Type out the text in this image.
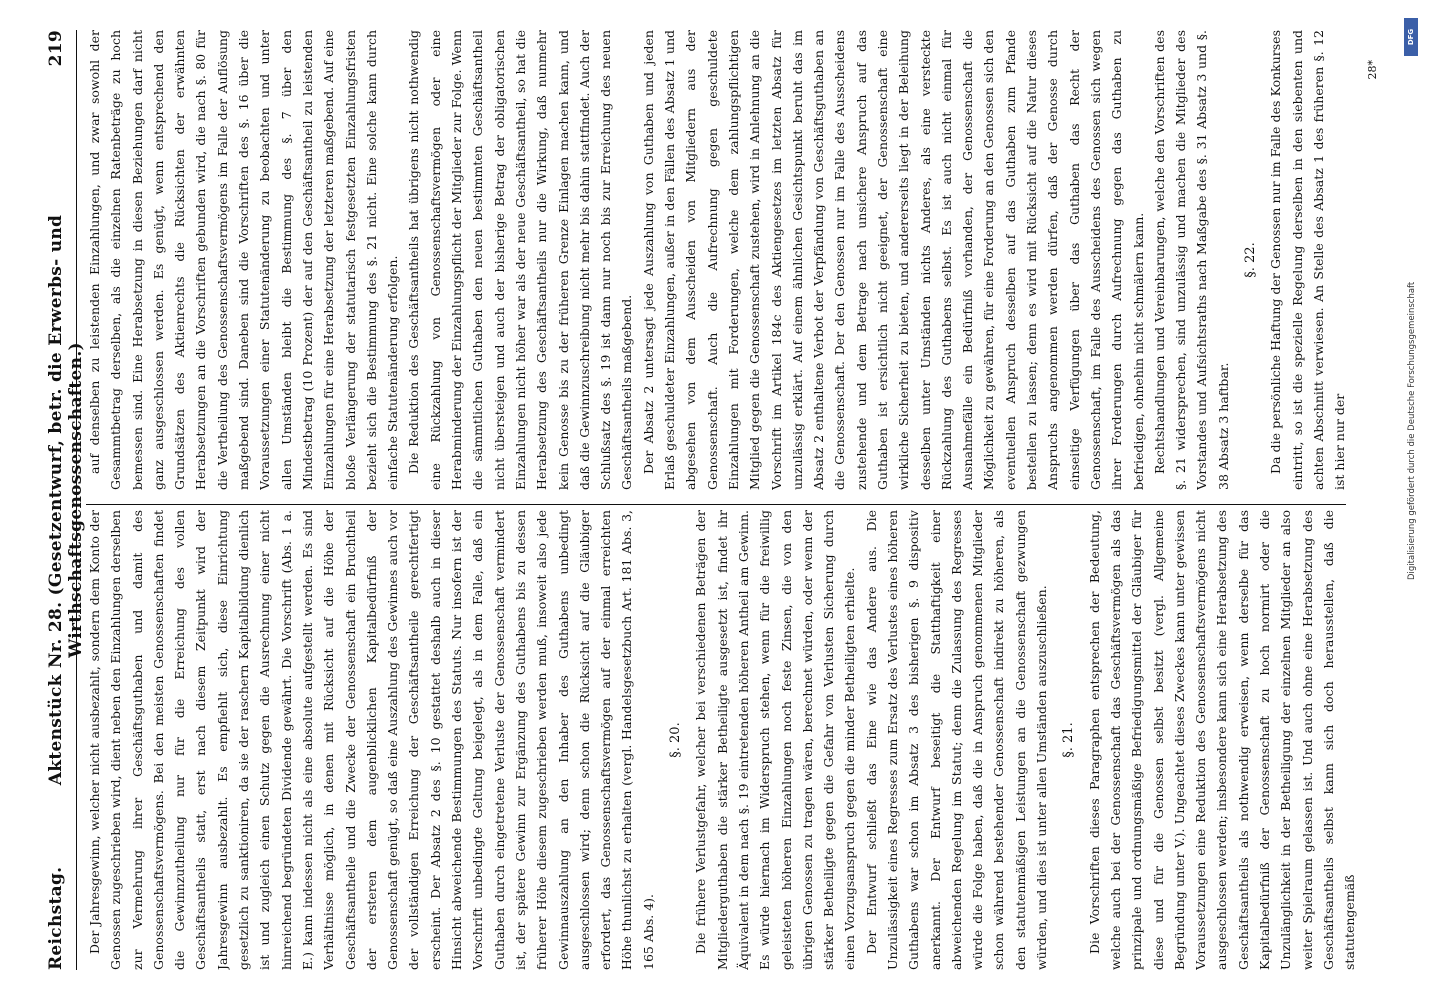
Reichstag.
Aktenstück Nr. 28. (Gesetzentwurf, betr. die Erwerbs- und Wirthschaftsgenossenschaften.)
219

Der Jahresgewinn, welcher nicht ausbezahlt, sondern dem Konto der Genossen zugeschrieben wird, dient neben den Einzahlungen derselben zur Vermehrung ihrer Geschäftsguthaben und damit des Genossenschaftsvermögens. Bei den meisten Genossenschaften findet die Gewinnzutheilung nur für die Erreichung des vollen Geschäftsantheils statt, erst nach diesem Zeitpunkt wird der Jahresgewinn ausbezahlt. Es empfiehlt sich, diese Einrichtung gesetzlich zu sanktioniren, da sie der raschern Kapitalbildung dienlich ist und zugleich einen Schutz gegen die Ausrechnung einer nicht hinreichend begründeten Dividende gewährt. Die Vorschrift (Abs. 1 a. E.) kann indessen nicht als eine absolute aufgestellt werden. Es sind Verhältnisse möglich, in denen mit Rücksicht auf die Höhe der Geschäftsantheile und die Zwecke der Genossenschaft ein Bruchtheil der ersteren dem augenblicklichen Kapitalbedürfniß der Genossenschaft genügt, so daß eine Auszahlung des Gewinnes auch vor der vollständigen Erreichung der Geschäftsantheile gerechtfertigt erscheint. Der Absatz 2 des §. 10 gestattet deshalb auch in dieser Hinsicht abweichende Bestimmungen des Statuts. Nur insofern ist der Vorschrift unbedingte Geltung beigelegt, als in dem Falle, daß ein Guthaben durch eingetretene Verluste der Genossenschaft vermindert ist, der spätere Gewinn zur Ergänzung des Guthabens bis zu dessen früherer Höhe diesem zugeschrieben werden muß, insoweit also jede Gewinnauszahlung an den Inhaber des Guthabens unbedingt ausgeschlossen wird; denn schon die Rücksicht auf die Gläubiger erfordert, das Genossenschaftsvermögen auf der einmal erreichten Höhe thunlichst zu erhalten (vergl. Handelsgesetzbuch Art. 181 Abs. 3, 165 Abs. 4).

§. 20. Die frühere Verlustgefahr, welcher bei verschiedenen Beträgen der Mitgliederguthaben die stärker Betheiligte ausgesetzt ist, findet ihr Äquivalent in dem nach §. 19 eintretenden höheren Antheil am Gewinn. Es würde hiernach im Widerspruch stehen, wenn für die freiwillig geleisteten höheren Einzahlungen noch feste Zinsen, die von den übrigen Genossen zu tragen wären, berechnet würden, oder wenn der stärker Betheiligte gegen die Gefahr von Verlusten Sicherung durch einen Vorzugsanspruch gegen die minder Betheiligten erhielte. Der Entwurf schließt das Eine wie das Andere aus. Die Unzulässigkeit eines Regresses zum Ersatz des Verlustes eines höheren Guthabens war schon im Absatz 3 des bisherigen §. 9 dispositiv anerkannt. Der Entwurf beseitigt die Statthaftigkeit einer abweichenden Regelung im Statut; denn die Zulassung des Regresses würde die Folge haben, daß die in Anspruch genommenen Mitglieder schon während bestehender Genossenschaft indirekt zu höheren, als den statutenmäßigen Leistungen an die Genossenschaft gezwungen würden, und dies ist unter allen Umständen auszuschließen. §. 21. Die Vorschriften dieses Paragraphen entsprechen der Bedeutung, welche auch bei der Genossenschaft das Geschäftsvermögen als das prinzipale und ordnungsmäßige Befriedigungsmittel der Gläubiger für diese und für die Genossen selbst besitzt (vergl. Allgemeine Begründung unter V.). Ungeachtet dieses Zweckes kann unter gewissen Voraussetzungen eine Reduktion des Genossenschaftsvermögens nicht ausgeschlossen werden; insbesondere kann sich eine Herabsetzung des Geschäftsantheils als nothwendig erweisen, wenn derselbe für das Kapitalbedürfniß der Genossenschaft zu hoch normirt oder die Unzulänglichkeit in der Betheiligung der einzelnen Mitglieder an also weiter Spielraum gelassen ist. Und auch ohne eine Herabsetzung des Geschäftsantheils selbst kann sich doch herausstellen, daß die statutengemäß

auf denselben zu leistenden Einzahlungen, und zwar sowohl der Gesammtbetrag derselben, als die einzelnen Ratenbeträge zu hoch bemessen sind. Eine Herabsetzung in diesen Beziehungen darf nicht ganz ausgeschlossen werden. Es genügt, wenn entsprechend den Grundsätzen des Aktienrechts die Rücksichten der erwähnten Herabsetzungen an die Vorschriften gebunden wird, die nach §. 80 für die Vertheilung des Genossenschaftsvermögens im Falle der Auflösung maßgebend sind. Daneben sind die Vorschriften des §. 16 über die Voraussetzungen einer Statutenänderung zu beobachten und unter allen Umständen bleibt die Bestimmung des §. 7 über den Mindestbetrag (10 Prozent) der auf den Geschäftsantheil zu leistenden Einzahlungen für eine Herabsetzung der letzteren maßgebend. Auf eine bloße Verlängerung der statutarisch festgesetzten Einzahlungsfristen bezieht sich die Bestimmung des §. 21 nicht. Eine solche kann durch einfache Statutenänderung erfolgen. Die Reduktion des Geschäftsantheils hat übrigens nicht nothwendig eine Rückzahlung von Genossenschaftsvermögen oder eine Herabminderung der Einzahlungspflicht der Mitglieder zur Folge. Wenn die sämmtlichen Guthaben den neuen bestimmten Geschäftsantheil nicht übersteigen und auch der bisherige Betrag der obligatorischen Einzahlungen nicht höher war als der neue Geschäftsantheil, so hat die Herabsetzung des Geschäftsantheils nur die Wirkung, daß nunmehr kein Genosse bis zu der früheren Grenze Einlagen machen kann, und daß die Gewinnzuschreibung nicht mehr bis dahin stattfindet. Auch der Schlußsatz des §. 19 ist dann nur noch bis zur Erreichung des neuen Geschäftsantheils maßgebend. Der Absatz 2 untersagt jede Auszahlung von Guthaben und jeden Erlaß geschuldeter Einzahlungen, außer in den Fällen des Absatz 1 und abgesehen von dem Ausscheiden von Mitgliedern aus der Genossenschaft. Auch die Aufrechnung gegen geschuldete Einzahlungen mit Forderungen, welche dem zahlungspflichtigen Mitglied gegen die Genossenschaft zustehen, wird in Anlehnung an die Vorschrift im Artikel 184c des Aktiengesetzes im letzten Absatz für unzulässig erklärt. Auf einem ähnlichen Gesichtspunkt beruht das im Absatz 2 enthaltene Verbot der Verpfändung von Geschäftsguthaben an die Genossenschaft. Der den Genossen nur im Falle des Ausscheidens zustehende und dem Betrage nach unsichere Anspruch auf das Guthaben ist ersichtlich nicht geeignet, der Genossenschaft eine wirkliche Sicherheit zu bieten, und andererseits liegt in der Beleihung desselben unter Umständen nichts Anderes, als eine versteckte Rückzahlung des Guthabens selbst. Es ist auch nicht einmal für Ausnahmefälle ein Bedürfniß vorhanden, der Genossenschaft die Möglichkeit zu gewähren, für eine Forderung an den Genossen sich den eventuellen Anspruch desselben auf das Guthaben zum Pfande bestellen zu lassen; denn es wird mit Rücksicht auf die Natur dieses Anspruchs angenommen werden dürfen, daß der Genosse durch einseitige Verfügungen über das Guthaben das Recht der Genossenschaft, im Falle des Ausscheidens des Genossen sich wegen ihrer Forderungen durch Aufrechnung gegen das Guthaben zu befriedigen, ohnehin nicht schmälern kann. Rechtshandlungen und Vereinbarungen, welche den Vorschriften des §. 21 widersprechen, sind unzulässig und machen die Mitglieder des Vorstandes und Aufsichtsraths nach Maßgabe des §. 31 Absatz 3 und §. 38 Absatz 3 haftbar.

§. 22. Da die persönliche Haftung der Genossen nur im Falle des Konkurses eintritt, so ist die spezielle Regelung derselben in den siebenten und achten Abschnitt verwiesen. An Stelle des Absatz 1 des früheren §. 12 ist hier nur der

28*
DFG
Digitalisierung gefördert durch die Deutsche Forschungsgemeinschaft
